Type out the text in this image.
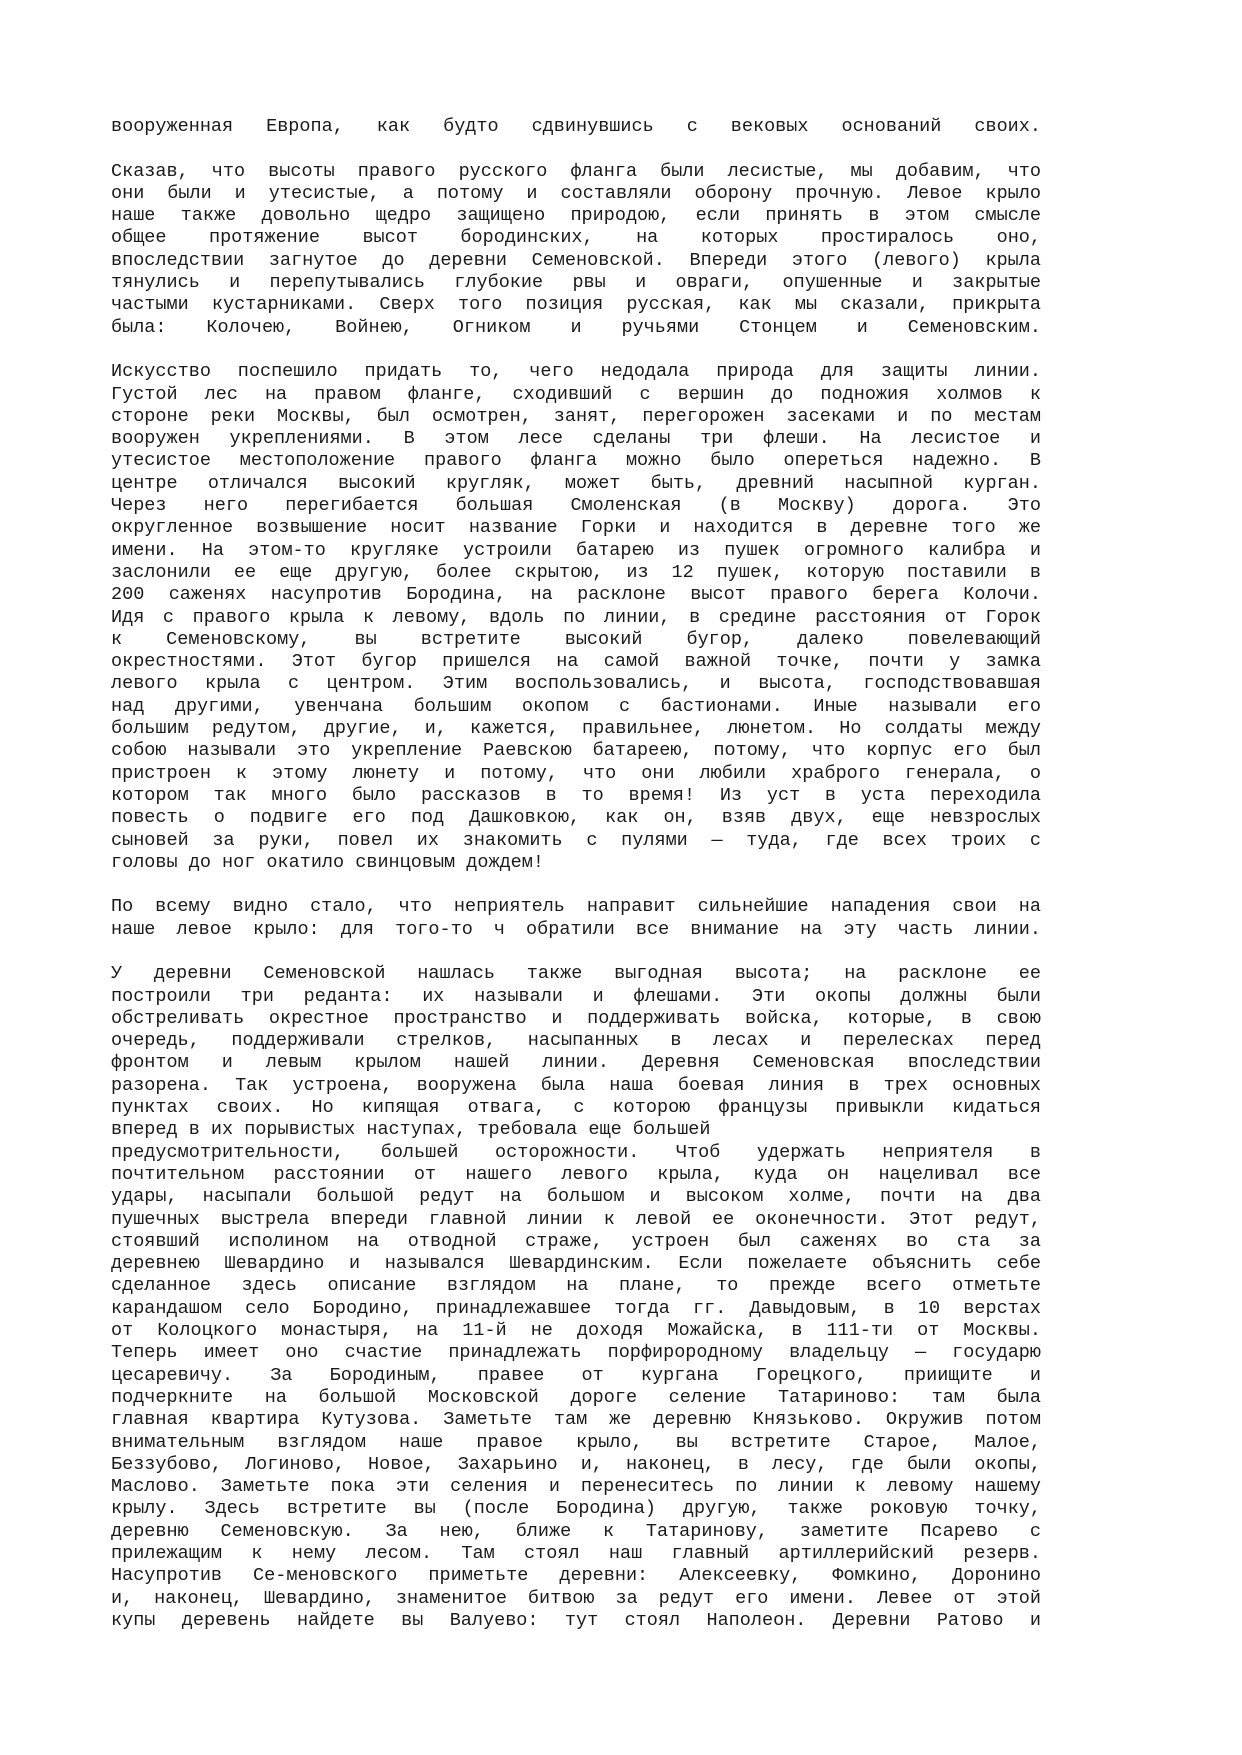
вооруженная Европа, как будто сдвинувшись с вековых оснований своих.
Сказав, что высоты правого русского фланга были лесистые, мы добавим, что
они были и утесистые, а потому и составляли оборону прочную. Левое крыло
наше также довольно щедро защищено природою, если принять в этом смысле
общее протяжение высот бородинских, на которых простиралось оно,
впоследствии загнутое до деревни Семеновской. Впереди этого (левого) крыла
тянулись и перепутывались глубокие рвы и овраги, опушенные и закрытые
частыми кустарниками. Сверх того позиция русская, как мы сказали, прикрыта
была: Колочею, Войнею, Огником и ручьями Стонцем и Семеновским.
Искусство поспешило придать то, чего недодала природа для защиты линии.
Густой лес на правом фланге, сходивший с вершин до подножия холмов к
стороне реки Москвы, был осмотрен, занят, перегорожен засеками и по местам
вооружен укреплениями. В этом лесе сделаны три флеши. На лесистое и
утесистое местоположение правого фланга можно было опереться надежно. В
центре отличался высокий кругляк, может быть, древний насыпной курган.
Через него перегибается большая Смоленская (в Москву) дорога. Это
округленное возвышение носит название Горки и находится в деревне того же
имени. На этом-то кругляке устроили батарею из пушек огромного калибра и
заслонили ее еще другую, более скрытою, из 12 пушек, которую поставили в
200 саженях насупротив Бородина, на расклоне высот правого берега Колочи.
Идя с правого крыла к левому, вдоль по линии, в средине расстояния от Горок
к Семеновскому, вы встретите высокий бугор, далеко повелевающий
окрестностями. Этот бугор пришелся на самой важной точке, почти у замка
левого крыла с центром. Этим воспользовались, и высота, господствовавшая
над другими, увенчана большим окопом с бастионами. Иные называли его
большим редутом, другие, и, кажется, правильнее, люнетом. Но солдаты между
собою называли это укрепление Раевскою батареею, потому, что корпус его был
пристроен к этому люнету и потому, что они любили храброго генерала, о
котором так много было рассказов в то время! Из уст в уста переходила
повесть о подвиге его под Дашковкою, как он, взяв двух, еще невзрослых
сыновей за руки, повел их знакомить с пулями — туда, где всех троих с
головы до ног окатило свинцовым дождем!
По всему видно стало, что неприятель направит сильнейшие нападения свои на
наше левое крыло: для того-то ч обратили все внимание на эту часть линии.
У деревни Семеновской нашлась также выгодная высота; на расклоне ее
построили три реданта: их называли и флешами. Эти окопы должны были
обстреливать окрестное пространство и поддерживать войска, которые, в свою
очередь, поддерживали стрелков, насыпанных в лесах и перелесках перед
фронтом и левым крылом нашей линии. Деревня Семеновская впоследствии
разорена. Так устроена, вооружена была наша боевая линия в трех основных
пунктах своих. Но кипящая отвага, с которою французы привыкли кидаться
вперед в их порывистых наступах, требовала еще большей
предусмотрительности, большей осторожности. Чтоб удержать неприятеля в
почтительном расстоянии от нашего левого крыла, куда он нацеливал все
удары, насыпали большой редут на большом и высоком холме, почти на два
пушечных выстрела впереди главной линии к левой ее оконечности. Этот редут,
стоявший исполином на отводной страже, устроен был саженях во ста за
деревнею Шевардино и назывался Шевардинским. Если пожелаете объяснить себе
сделанное здесь описание взглядом на плане, то прежде всего отметьте
карандашом село Бородино, принадлежавшее тогда гг. Давыдовым, в 10 верстах
от Колоцкого монастыря, на 11-й не доходя Можайска, в 111-ти от Москвы.
Теперь имеет оно счастие принадлежать порфирородному владельцу — государю
цесаревичу. За Бородиным, правее от кургана Горецкого, приищите и
подчеркните на большой Московской дороге селение Татариново: там была
главная квартира Кутузова. Заметьте там же деревню Князьково. Окружив потом
внимательным взглядом наше правое крыло, вы встретите Старое, Малое,
Беззубово, Логиново, Новое, Захарьино и, наконец, в лесу, где были окопы,
Маслово. Заметьте пока эти селения и перенеситесь по линии к левому нашему
крылу. Здесь встретите вы (после Бородина) другую, также роковую точку,
деревню Семеновскую. За нею, ближе к Татаринову, заметите Псарево с
прилежащим к нему лесом. Там стоял наш главный артиллерийский резерв.
Насупротив Се-меновского приметьте деревни: Алексеевку, Фомкино, Доронино
и, наконец, Шевардино, знаменитое битвою за редут его имени. Левее от этой
купы деревень найдете вы Валуево: тут стоял Наполеон. Деревни Ратово и
